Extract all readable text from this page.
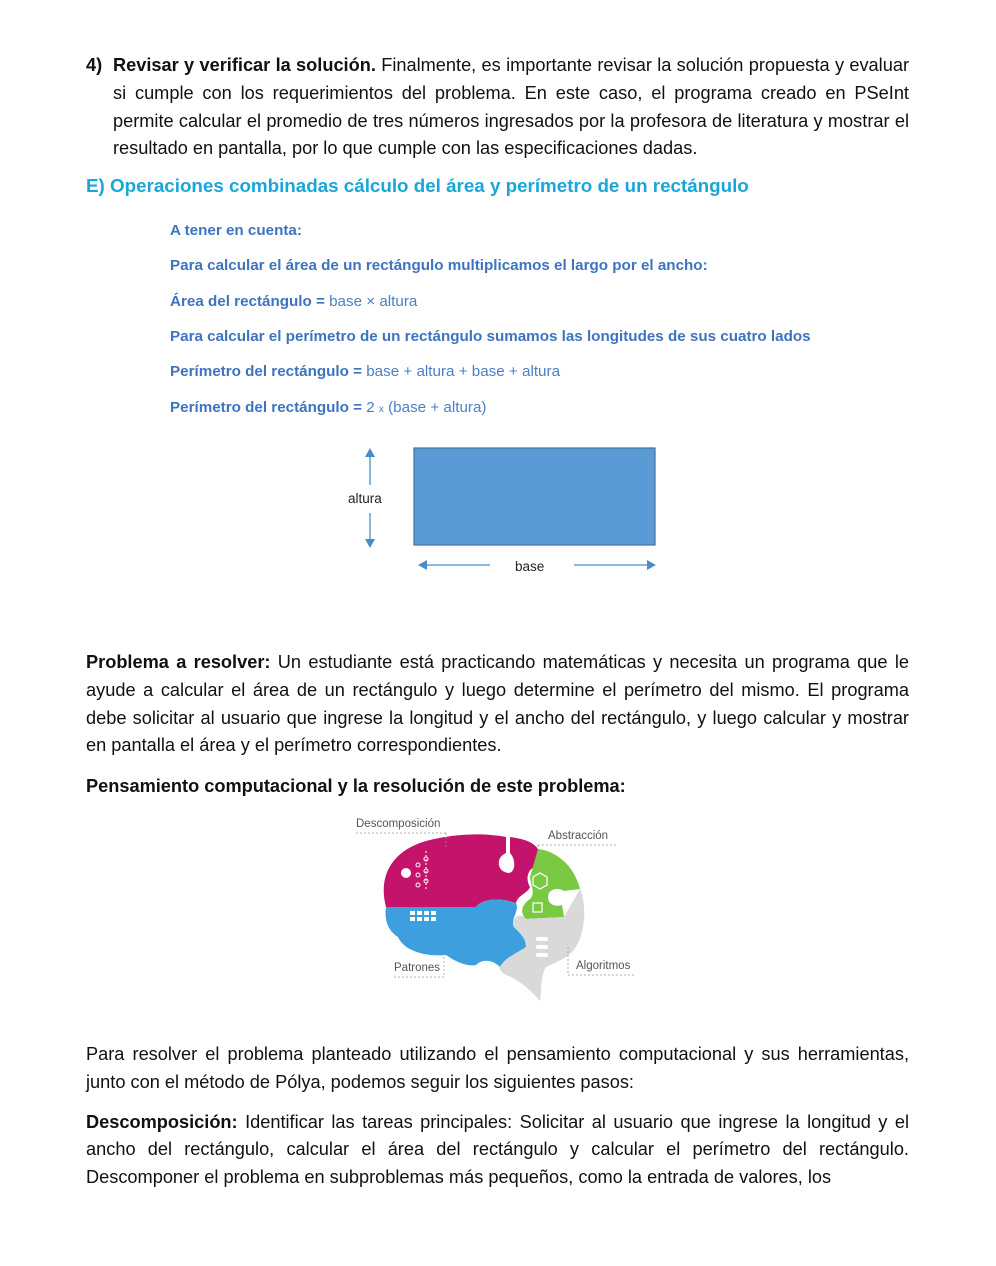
4) Revisar y verificar la solución. Finalmente, es importante revisar la solución propuesta y evaluar si cumple con los requerimientos del problema. En este caso, el programa creado en PSeInt permite calcular el promedio de tres números ingresados por la profesora de literatura y mostrar el resultado en pantalla, por lo que cumple con las especificaciones dadas.

E) Operaciones combinadas cálculo del área y perímetro de un rectángulo
A tener en cuenta:
Para calcular el área de un rectángulo multiplicamos el largo por el ancho:
Área del rectángulo = base × altura
Para calcular el perímetro de un rectángulo sumamos las longitudes de sus cuatro lados
Perímetro del rectángulo = base + altura + base + altura
Perímetro del rectángulo = 2 x (base + altura)
altura
base

Problema a resolver: Un estudiante está practicando matemáticas y necesita un programa que le ayude a calcular el área de un rectángulo y luego determine el perímetro del mismo. El programa debe solicitar al usuario que ingrese la longitud y el ancho del rectángulo, y luego calcular y mostrar en pantalla el área y el perímetro correspondientes.

Pensamiento computacional y la resolución de este problema:
Descomposición
Abstracción
Patrones	Algoritmos

Para resolver el problema planteado utilizando el pensamiento computacional y sus herramientas, junto con el método de Pólya, podemos seguir los siguientes pasos:

Descomposición: Identificar las tareas principales: Solicitar al usuario que ingrese la longitud y el ancho del rectángulo, calcular el área del rectángulo y calcular el perímetro del rectángulo. Descomponer el problema en subproblemas más pequeños, como la entrada de valores, los
